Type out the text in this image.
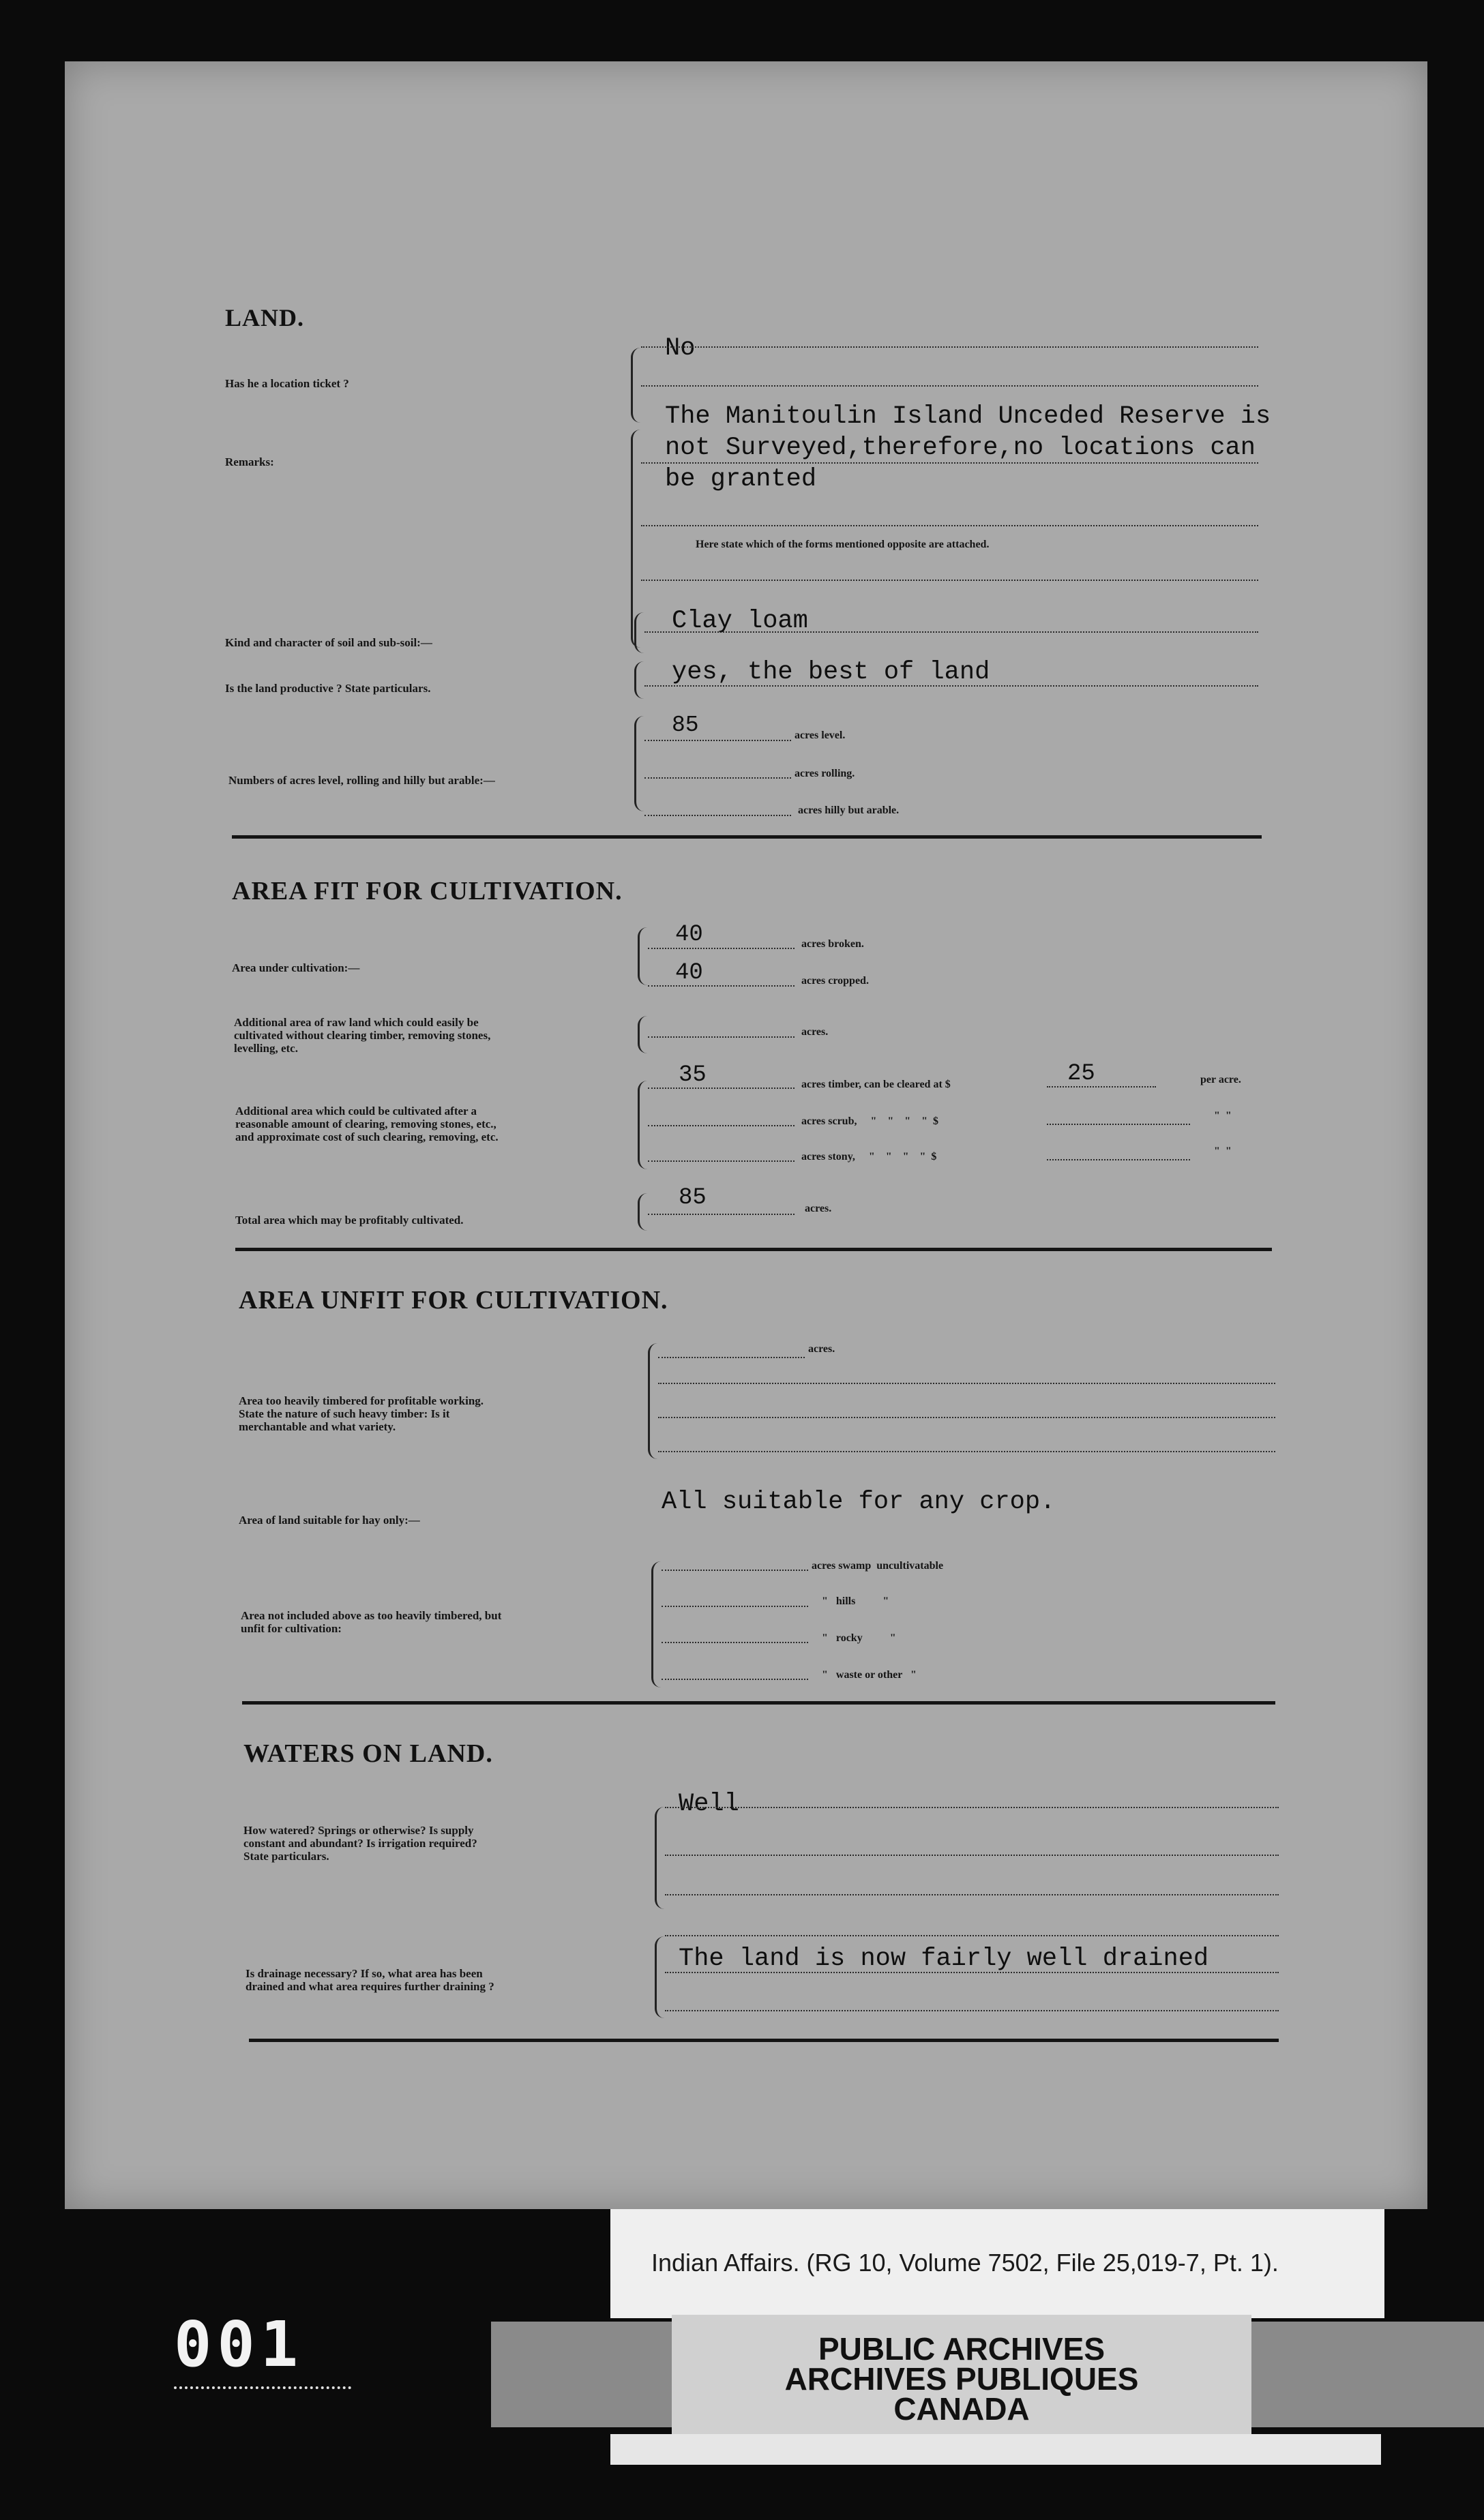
LAND.
Has he a location ticket ?
No
Remarks:
The Manitoulin Island Unceded Reserve is
not Surveyed,therefore,no locations can
be granted
Here state which of the forms mentioned opposite are attached.
Kind and character of soil and sub-soil:—
Clay loam
Is the land productive ? State particulars.
yes, the best of land
Numbers of acres level, rolling and hilly but arable:—
85	acres level.
acres rolling.
acres hilly but arable.
AREA FIT FOR CULTIVATION.
Area under cultivation:—
40	acres broken.
40	acres cropped.
Additional area of raw land which could easily be
cultivated without clearing timber, removing stones,
levelling, etc.
acres.
Additional area which could be cultivated after a
reasonable amount of clearing, removing stones, etc.,
and approximate cost of such clearing, removing, etc.
35	acres timber, can be cleared at $	25	per acre.
acres scrub,     "    "    "    "  $	"  "
acres stony,     "    "    "    "  $	"  "
Total area which may be profitably cultivated.
85	acres.
AREA UNFIT FOR CULTIVATION.
Area too heavily timbered for profitable working.
State the nature of such heavy timber: Is it
merchantable and what variety.
acres.
Area of land suitable for hay only:—
All suitable for any crop.
Area not included above as too heavily timbered, but
unfit for cultivation:
acres swamp  uncultivatable
"   hills          "
"   rocky          "
"   waste or other   "
WATERS ON LAND.
How watered? Springs or otherwise? Is supply
constant and abundant? Is irrigation required?
State particulars.
Well
Is drainage necessary? If so, what area has been
drained and what area requires further draining ?
The land is now fairly well drained
Indian Affairs. (RG 10, Volume 7502, File 25,019-7, Pt. 1).
PUBLIC ARCHIVES
ARCHIVES PUBLIQUES
CANADA
001
